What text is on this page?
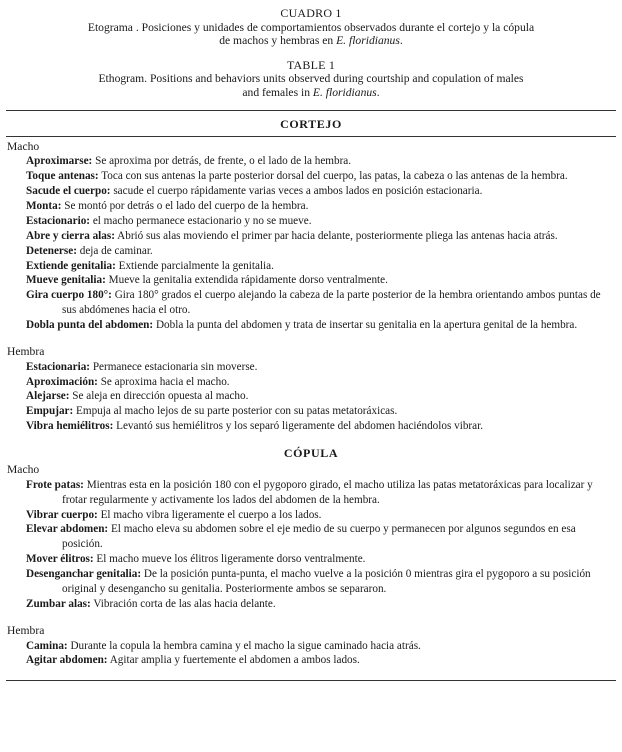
CUADRO 1
Etograma . Posiciones y unidades de comportamientos observados durante el cortejo y la cópula
de machos y hembras en E. floridianus.
TABLE 1
Ethogram. Positions and behaviors units observed during courtship and copulation of males
and females in E. floridianus.
CORTEJO
Macho
Aproximarse: Se aproxima por detrás, de frente, o el lado de la hembra.
Toque antenas: Toca con sus antenas la parte posterior dorsal del cuerpo, las patas, la cabeza o las antenas de la hembra.
Sacude el cuerpo: sacude el cuerpo rápidamente varias veces a ambos lados en posición estacionaria.
Monta: Se montó por detrás o el lado del cuerpo de la hembra.
Estacionario: el macho permanece estacionario y no se mueve.
Abre y cierra alas: Abrió sus alas moviendo el primer par hacia delante, posteriormente pliega las antenas hacia atrás.
Detenerse: deja de caminar.
Extiende genitalia: Extiende parcialmente la genitalia.
Mueve genitalia: Mueve la genitalia extendida rápidamente dorso ventralmente.
Gira cuerpo 180°: Gira 180° grados el cuerpo alejando la cabeza de la parte posterior de la hembra orientando ambos puntas de sus abdómenes hacia el otro.
Dobla punta del abdomen: Dobla la punta del abdomen y trata de insertar su genitalia en la apertura genital de la hembra.
Hembra
Estacionaria: Permanece estacionaria sin moverse.
Aproximación: Se aproxima hacia el macho.
Alejarse: Se aleja en dirección opuesta al macho.
Empujar: Empuja al macho lejos de su parte posterior con su patas metatoráxicas.
Vibra hemiélitros: Levantó sus hemiélitros y los separó ligeramente del abdomen haciéndolos vibrar.
CÓPULA
Macho
Frote patas: Mientras esta en la posición 180 con el pygoporo girado, el macho utiliza las patas metatoráxicas para localizar y frotar regularmente y activamente los lados del abdomen de la hembra.
Vibrar cuerpo: El macho vibra ligeramente el cuerpo a los lados.
Elevar abdomen: El macho eleva su abdomen sobre el eje medio de su cuerpo y permanecen por algunos segundos en esa posición.
Mover élitros: El macho mueve los élitros ligeramente dorso ventralmente.
Desenganchar genitalia: De la posición punta-punta, el macho vuelve a la posición 0 mientras gira el pygoporo a su posición original y desengancho su genitalia. Posteriormente ambos se separaron.
Zumbar alas: Vibración corta de las alas hacia delante.
Hembra
Camina: Durante la copula la hembra camina y el macho la sigue caminado hacia atrás.
Agitar abdomen: Agitar amplia y fuertemente el abdomen a ambos lados.
